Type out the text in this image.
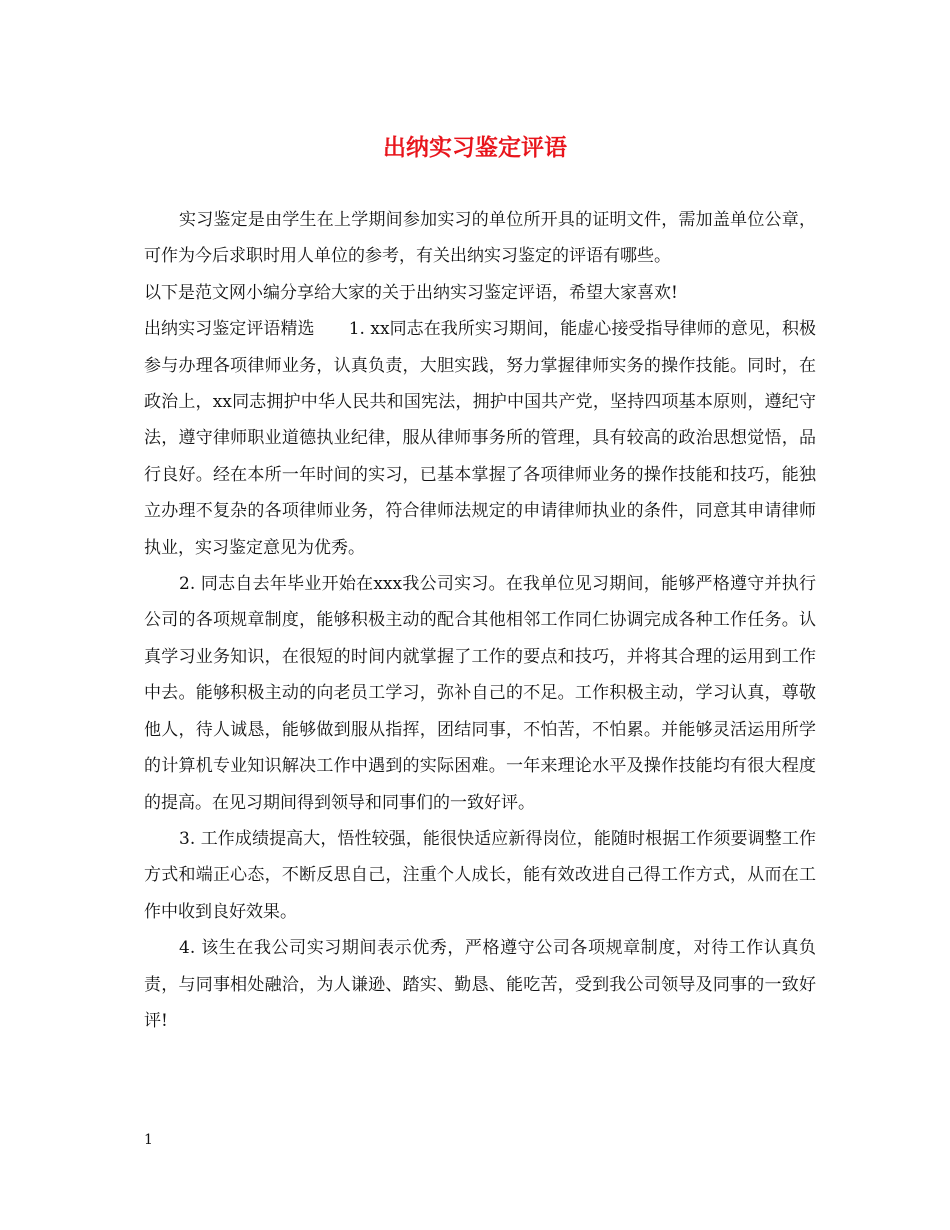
出纳实习鉴定评语

实习鉴定是由学生在上学期间参加实习的单位所开具的证明文件，需加盖单位公章，可作为今后求职时用人单位的参考，有关出纳实习鉴定的评语有哪些。

以下是范文网小编分享给大家的关于出纳实习鉴定评语，希望大家喜欢!

出纳实习鉴定评语精选　　1. xx同志在我所实习期间，能虚心接受指导律师的意见，积极参与办理各项律师业务，认真负责，大胆实践，努力掌握律师实务的操作技能。同时，在政治上，xx同志拥护中华人民共和国宪法，拥护中国共产党，坚持四项基本原则，遵纪守法，遵守律师职业道德执业纪律，服从律师事务所的管理，具有较高的政治思想觉悟，品行良好。经在本所一年时间的实习，已基本掌握了各项律师业务的操作技能和技巧，能独立办理不复杂的各项律师业务，符合律师法规定的申请律师执业的条件，同意其申请律师执业，实习鉴定意见为优秀。

2. 同志自去年毕业开始在xxx我公司实习。在我单位见习期间，能够严格遵守并执行公司的各项规章制度，能够积极主动的配合其他相邻工作同仁协调完成各种工作任务。认真学习业务知识，在很短的时间内就掌握了工作的要点和技巧，并将其合理的运用到工作中去。能够积极主动的向老员工学习，弥补自己的不足。工作积极主动，学习认真，尊敬他人，待人诚恳，能够做到服从指挥，团结同事，不怕苦，不怕累。并能够灵活运用所学的计算机专业知识解决工作中遇到的实际困难。一年来理论水平及操作技能均有很大程度的提高。在见习期间得到领导和同事们的一致好评。

3. 工作成绩提高大，悟性较强，能很快适应新得岗位，能随时根据工作须要调整工作方式和端正心态，不断反思自己，注重个人成长，能有效改进自己得工作方式，从而在工作中收到良好效果。

4. 该生在我公司实习期间表示优秀，严格遵守公司各项规章制度，对待工作认真负责，与同事相处融洽，为人谦逊、踏实、勤恳、能吃苦，受到我公司领导及同事的一致好评!

1
